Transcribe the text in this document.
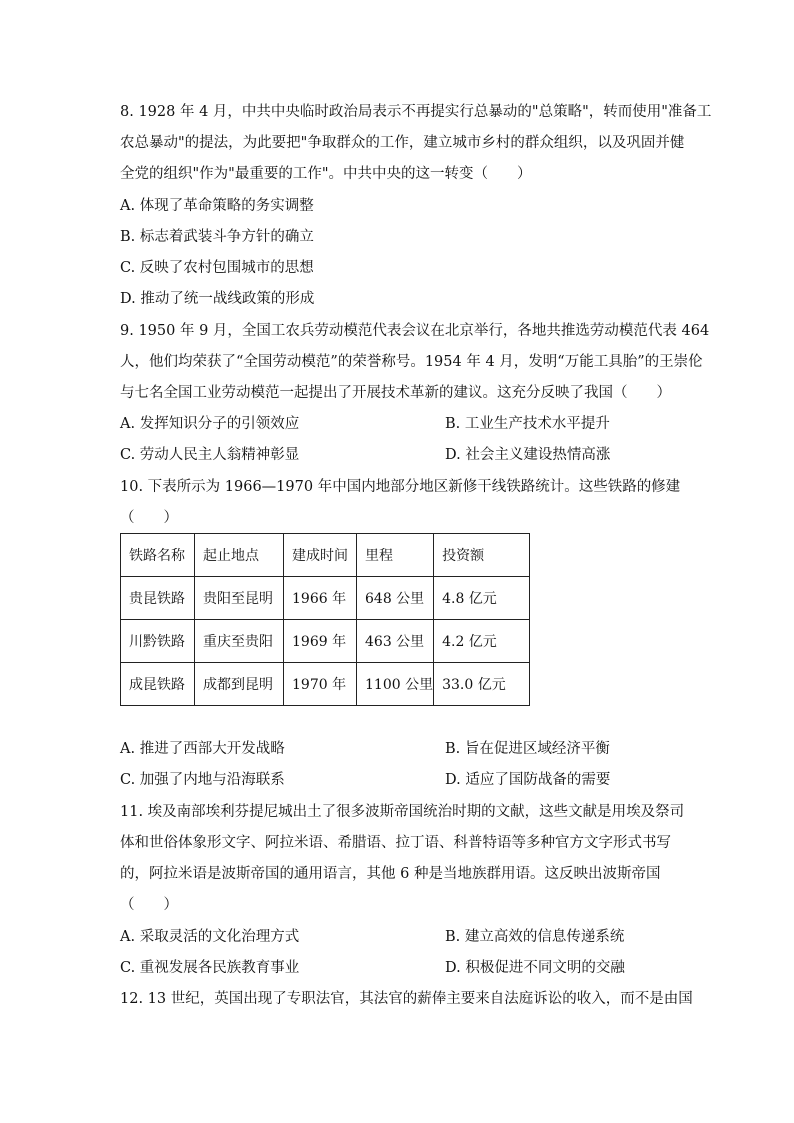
8. 1928 年 4 月，中共中央临时政治局表示不再提实行总暴动的"总策略"，转而使用"准备工
农总暴动"的提法，为此要把"争取群众的工作，建立城市乡村的群众组织，以及巩固并健
全党的组织"作为"最重要的工作"。中共中央的这一转变（　　）
A. 体现了革命策略的务实调整
B. 标志着武装斗争方针的确立
C. 反映了农村包围城市的思想
D. 推动了统一战线政策的形成
9. 1950 年 9 月，全国工农兵劳动模范代表会议在北京举行，各地共推选劳动模范代表 464
人，他们均荣获了“全国劳动模范”的荣誉称号。1954 年 4 月，发明“万能工具胎”的王崇伦
与七名全国工业劳动模范一起提出了开展技术革新的建议。这充分反映了我国（　　）
A. 发挥知识分子的引领效应	B. 工业生产技术水平提升
C. 劳动人民主人翁精神彰显	D. 社会主义建设热情高涨
10. 下表所示为 1966—1970 年中国内地部分地区新修干线铁路统计。这些铁路的修建
（　　）
铁路名称	起止地点	建成时间	里程	投资额
贵昆铁路	贵阳至昆明	1966 年	648 公里	4.8 亿元
川黔铁路	重庆至贵阳	1969 年	463 公里	4.2 亿元
成昆铁路	成都到昆明	1970 年	1100 公里	33.0 亿元
A. 推进了西部大开发战略	B. 旨在促进区域经济平衡
C. 加强了内地与沿海联系	D. 适应了国防战备的需要
11. 埃及南部埃利芬提尼城出土了很多波斯帝国统治时期的文献，这些文献是用埃及祭司
体和世俗体象形文字、阿拉米语、希腊语、拉丁语、科普特语等多种官方文字形式书写
的，阿拉米语是波斯帝国的通用语言，其他 6 种是当地族群用语。这反映出波斯帝国
（　　）
A. 采取灵活的文化治理方式	B. 建立高效的信息传递系统
C. 重视发展各民族教育事业	D. 积极促进不同文明的交融
12. 13 世纪，英国出现了专职法官，其法官的薪俸主要来自法庭诉讼的收入，而不是由国
